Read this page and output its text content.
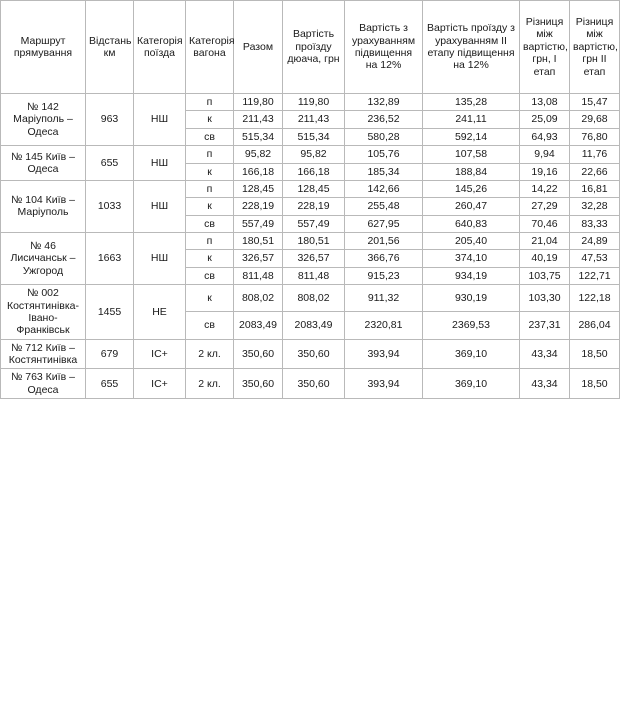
Маршрут прямування	Відстань км	Категорія поїзда	Категорія вагона	Разом	Вартість проїзду дюача, грн	Вартість з урахуванням підвищення на 12%	Вартість проїзду з урахуванням II етапу підвищення на 12%	Різниця між вартістю, грн, I етап	Різниця між вартістю, грн II етап
№ 142 Маріуполь – Одеса	963	НШ	п	119,80	119,80	132,89	135,28	13,08	15,47
			к	211,43	211,43	236,52	241,11	25,09	29,68
			св	515,34	515,34	580,28	592,14	64,93	76,80
№ 145 Київ – Одеса	655	НШ	п	95,82	95,82	105,76	107,58	9,94	11,76
			к	166,18	166,18	185,34	188,84	19,16	22,66
№ 104 Київ – Маріуполь	1033	НШ	п	128,45	128,45	142,66	145,26	14,22	16,81
			к	228,19	228,19	255,48	260,47	27,29	32,28
			св	557,49	557,49	627,95	640,83	70,46	83,33
№ 46 Лисичанськ – Ужгород	1663	НШ	п	180,51	180,51	201,56	205,40	21,04	24,89
			к	326,57	326,57	366,76	374,10	40,19	47,53
			св	811,48	811,48	915,23	934,19	103,75	122,71
№ 002 Костянтинівка-Івано-Франківськ	1455	НЕ	к	808,02	808,02	911,32	930,19	103,30	122,18
			св	2083,49	2083,49	2320,81	2369,53	237,31	286,04
№ 712 Київ – Костянтинівка	679	ІС+	2 кл.	350,60	350,60	393,94	369,10	43,34	18,50
№ 763 Київ – Одеса	655	ІС+	2 кл.	350,60	350,60	393,94	369,10	43,34	18,50
